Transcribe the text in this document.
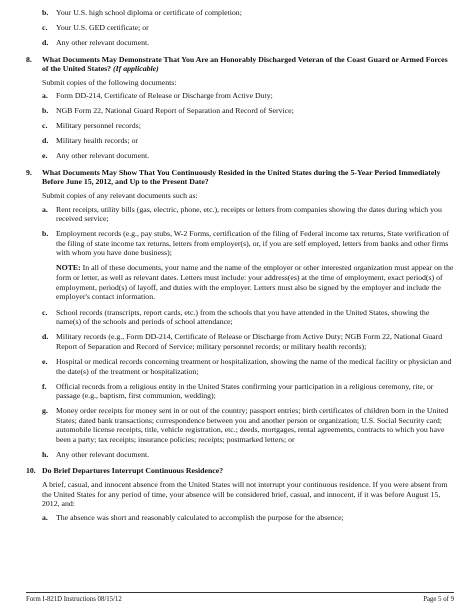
b. Your U.S. high school diploma or certificate of completion;
c. Your U.S. GED certificate; or
d. Any other relevant document.
8. What Documents May Demonstrate That You Are an Honorably Discharged Veteran of the Coast Guard or Armed Forces of the United States? (If applicable)
Submit copies of the following documents:
a. Form DD-214, Certificate of Release or Discharge from Active Duty;
b. NGB Form 22, National Guard Report of Separation and Record of Service;
c. Military personnel records;
d. Military health records; or
e. Any other relevant document.
9. What Documents May Show That You Continuously Resided in the United States during the 5-Year Period Immediately Before June 15, 2012, and Up to the Present Date?
Submit copies of any relevant documents such as:
a. Rent receipts, utility bills (gas, electric, phone, etc.), receipts or letters from companies showing the dates during which you received service;
b. Employment records (e.g., pay stubs, W-2 Forms, certification of the filing of Federal income tax returns, State verification of the filing of state income tax returns, letters from employer(s), or, if you are self employed, letters from banks and other firms with whom you have done business);
NOTE: In all of these documents, your name and the name of the employer or other interested organization must appear on the form or letter, as well as relevant dates. Letters must include: your address(es) at the time of employment, exact period(s) of employment, period(s) of layoff, and duties with the employer. Letters must also be signed by the employer and include the employer's contact information.
c. School records (transcripts, report cards, etc.) from the schools that you have attended in the United States, showing the name(s) of the schools and periods of school attendance;
d. Military records (e.g., Form DD-214, Certificate of Release or Discharge from Active Duty; NGB Form 22, National Guard Report of Separation and Record of Service; military personnel records; or military health records);
e. Hospital or medical records concerning treatment or hospitalization, showing the name of the medical facility or physician and the date(s) of the treatment or hospitalization;
f. Official records from a religious entity in the United States confirming your participation in a religious ceremony, rite, or passage (e.g., baptism, first communion, wedding);
g. Money order receipts for money sent in or out of the country; passport entries; birth certificates of children born in the United States; dated bank transactions; correspondence between you and another person or organization; U.S. Social Security card; automobile license receipts, title, vehicle registration, etc.; deeds, mortgages, rental agreements, contracts to which you have been a party; tax receipts; insurance policies; receipts; postmarked letters; or
h. Any other relevant document.
10. Do Brief Departures Interrupt Continuous Residence?
A brief, casual, and innocent absence from the United States will not interrupt your continuous residence. If you were absent from the United States for any period of time, your absence will be considered brief, casual, and innocent, if it was before August 15, 2012, and:
a. The absence was short and reasonably calculated to accomplish the purpose for the absence;
Form I-821D Instructions 08/15/12	Page 5 of 9
